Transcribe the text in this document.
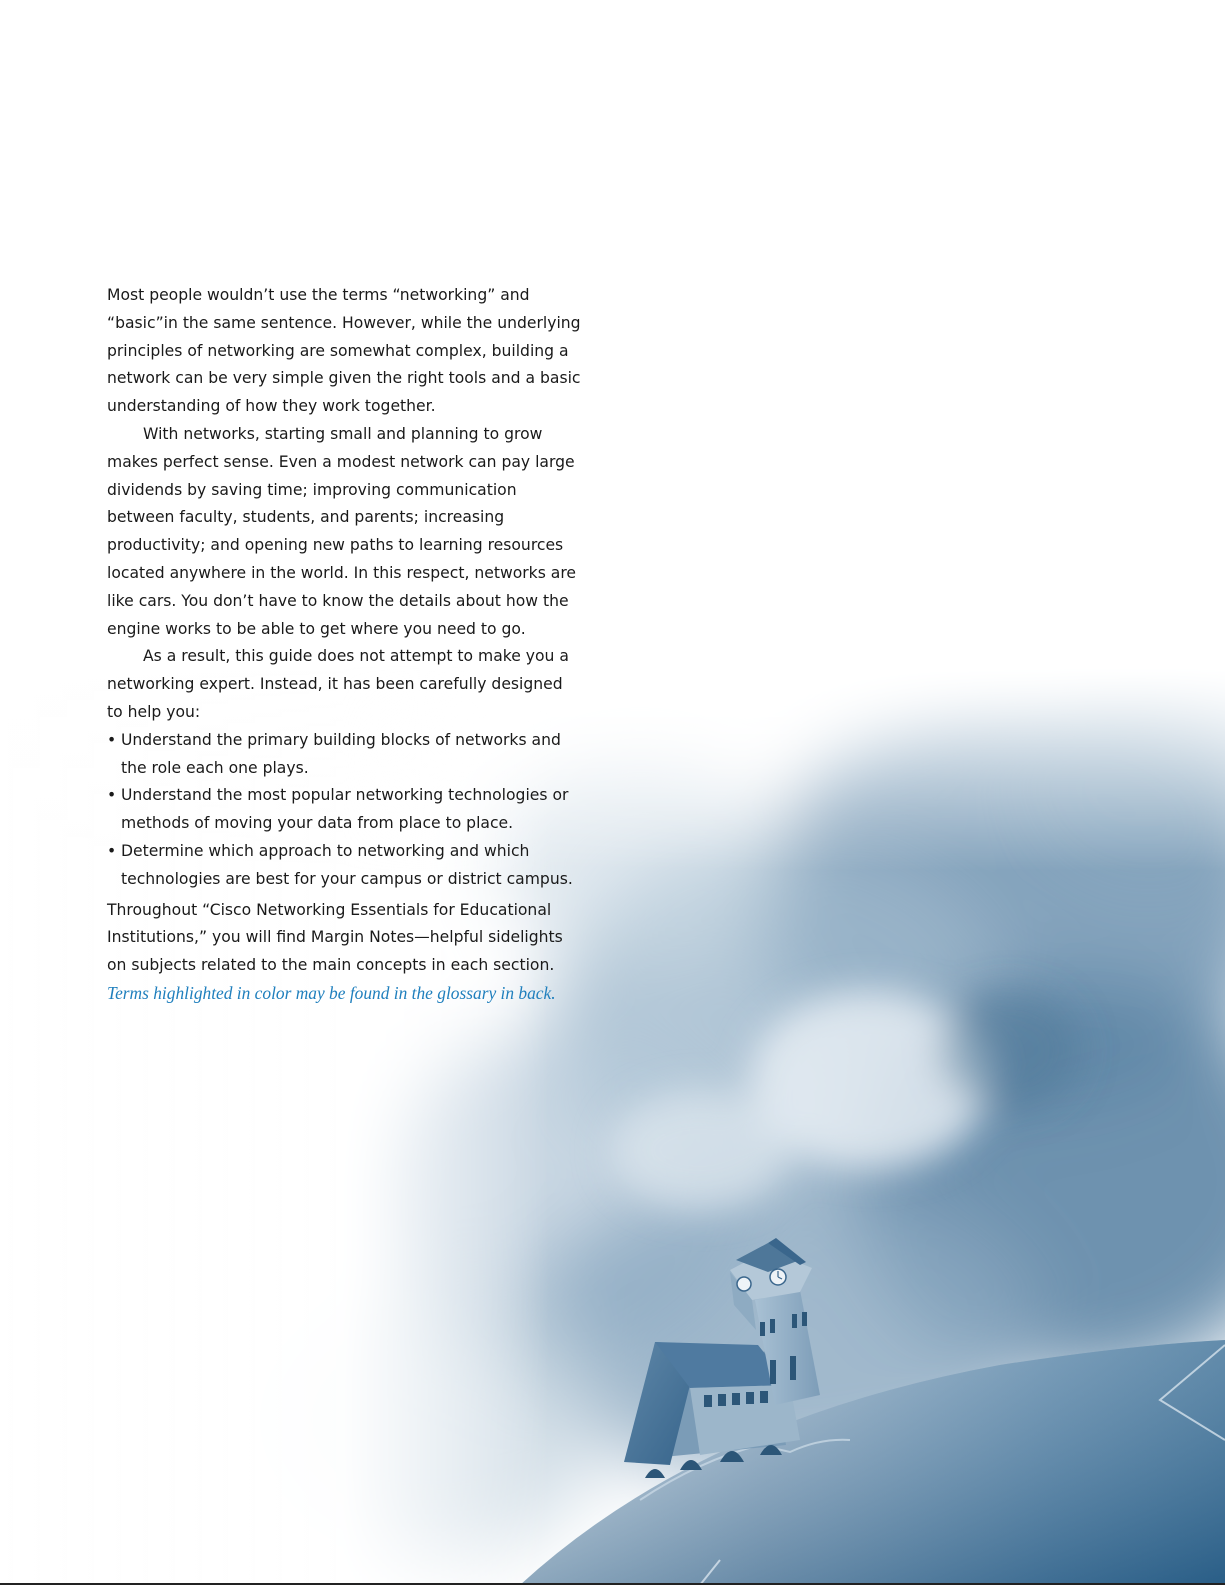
Most people wouldn’t use the terms “networking” and “basic”in the same sentence. However, while the underlying principles of networking are somewhat complex, building a network can be very simple given the right tools and a basic understanding of how they work together.

With networks, starting small and planning to grow makes perfect sense. Even a modest network can pay large dividends by saving time; improving communication between faculty, students, and parents; increasing productivity; and opening new paths to learning resources located anywhere in the world. In this respect, networks are like cars. You don’t have to know the details about how the engine works to be able to get where you need to go.

As a result, this guide does not attempt to make you a networking expert. Instead, it has been carefully designed to help you:

• Understand the primary building blocks of networks and the role each one plays.
• Understand the most popular networking technologies or methods of moving your data from place to place.
• Determine which approach to networking and which technologies are best for your campus or district campus.

Throughout “Cisco Networking Essentials for Educational Institutions,” you will find Margin Notes—helpful sidelights on subjects related to the main concepts in each section.

Terms highlighted in color may be found in the glossary in back.
